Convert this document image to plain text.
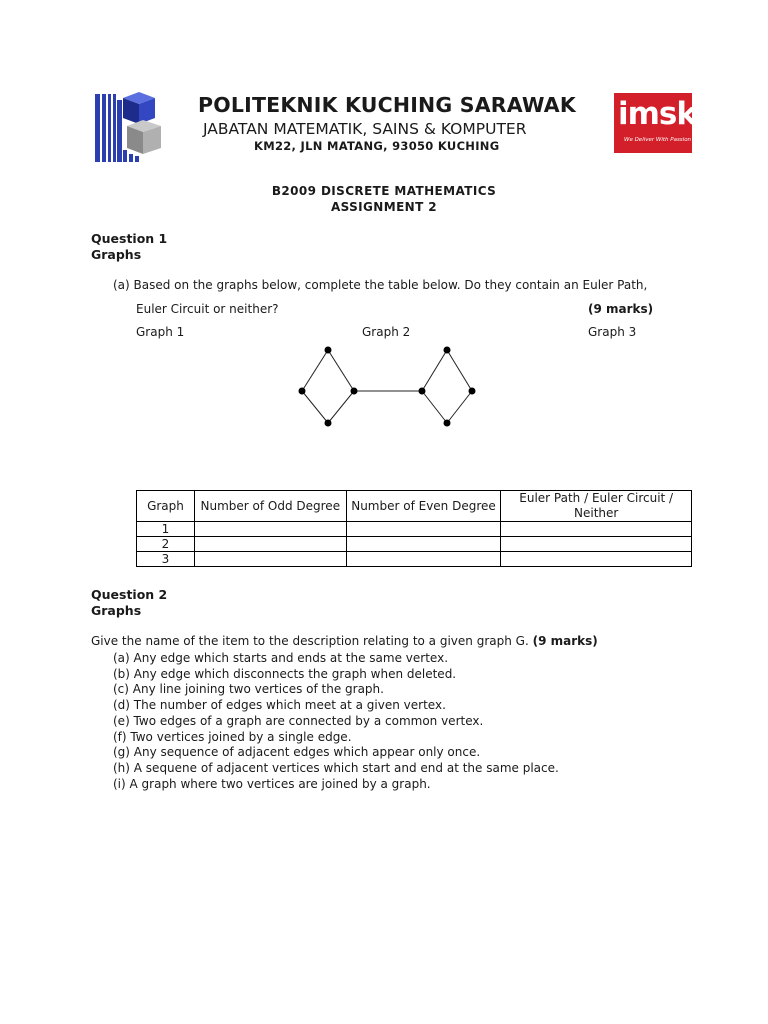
POLITEKNIK KUCHING SARAWAK
JABATAN MATEMATIK, SAINS & KOMPUTER
KM22, JLN MATANG, 93050 KUCHING
imsk
We Deliver With Passion
B2009 DISCRETE MATHEMATICS
ASSIGNMENT 2
Question 1
Graphs
(a) Based on the graphs below, complete the table below. Do they contain an Euler Path,
Euler Circuit or neither?	(9 marks)
Graph 1	Graph 2	Graph 3
Graph	Number of Odd Degree	Number of Even Degree	Euler Path / Euler Circuit / Neither
1			
2			
3			
Question 2
Graphs
Give the name of the item to the description relating to a given graph G. (9 marks)
(a) Any edge which starts and ends at the same vertex.
(b) Any edge which disconnects the graph when deleted.
(c) Any line joining two vertices of the graph.
(d) The number of edges which meet at a given vertex.
(e) Two edges of a graph are connected by a common vertex.
(f) Two vertices joined by a single edge.
(g) Any sequence of adjacent edges which appear only once.
(h) A sequene of adjacent vertices which start and end at the same place.
(i) A graph where two vertices are joined by a graph.
